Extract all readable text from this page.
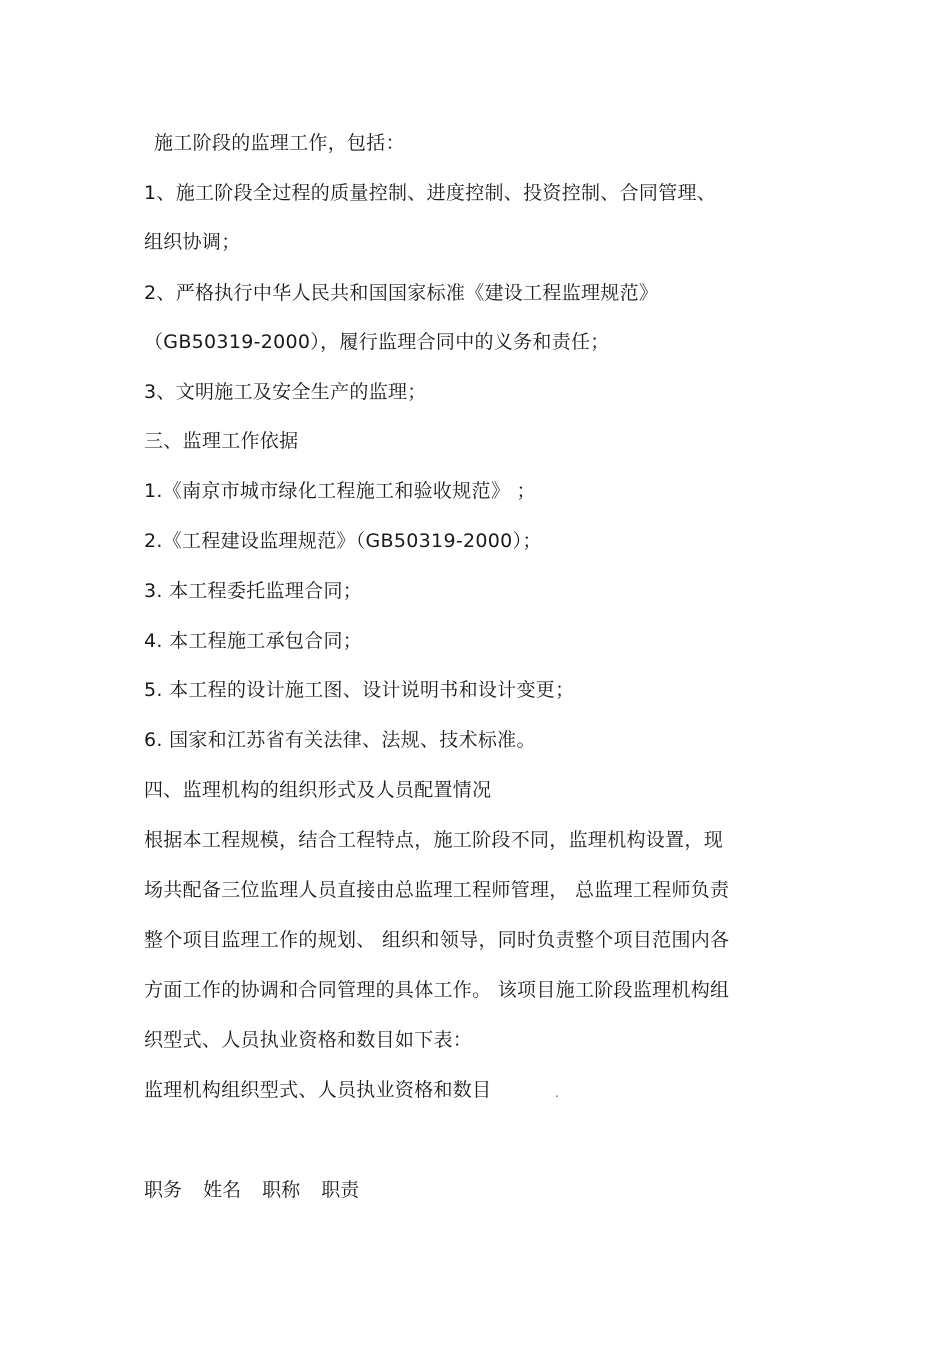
施工阶段的监理工作，包括：
1、施工阶段全过程的质量控制、进度控制、投资控制、合同管理、
组织协调；
2、严格执行中华人民共和国国家标准《建设工程监理规范》
（GB50319-2000），履行监理合同中的义务和责任；
3、文明施工及安全生产的监理；
三、监理工作依据
1.《南京市城市绿化工程施工和验收规范》 ；
2.《工程建设监理规范》（GB50319-2000）；
3. 本工程委托监理合同；
4. 本工程施工承包合同；
5. 本工程的设计施工图、设计说明书和设计变更；
6. 国家和江苏省有关法律、法规、技术标准。
四、监理机构的组织形式及人员配置情况
根据本工程规模，结合工程特点，施工阶段不同，监理机构设置，现
场共配备三位监理人员直接由总监理工程师管理， 总监理工程师负责
整个项目监理工作的规划、 组织和领导，同时负责整个项目范围内各
方面工作的协调和合同管理的具体工作。 该项目施工阶段监理机构组
织型式、人员执业资格和数目如下表：
监理机构组织型式、人员执业资格和数目	.
职务 姓名 职称 职责
